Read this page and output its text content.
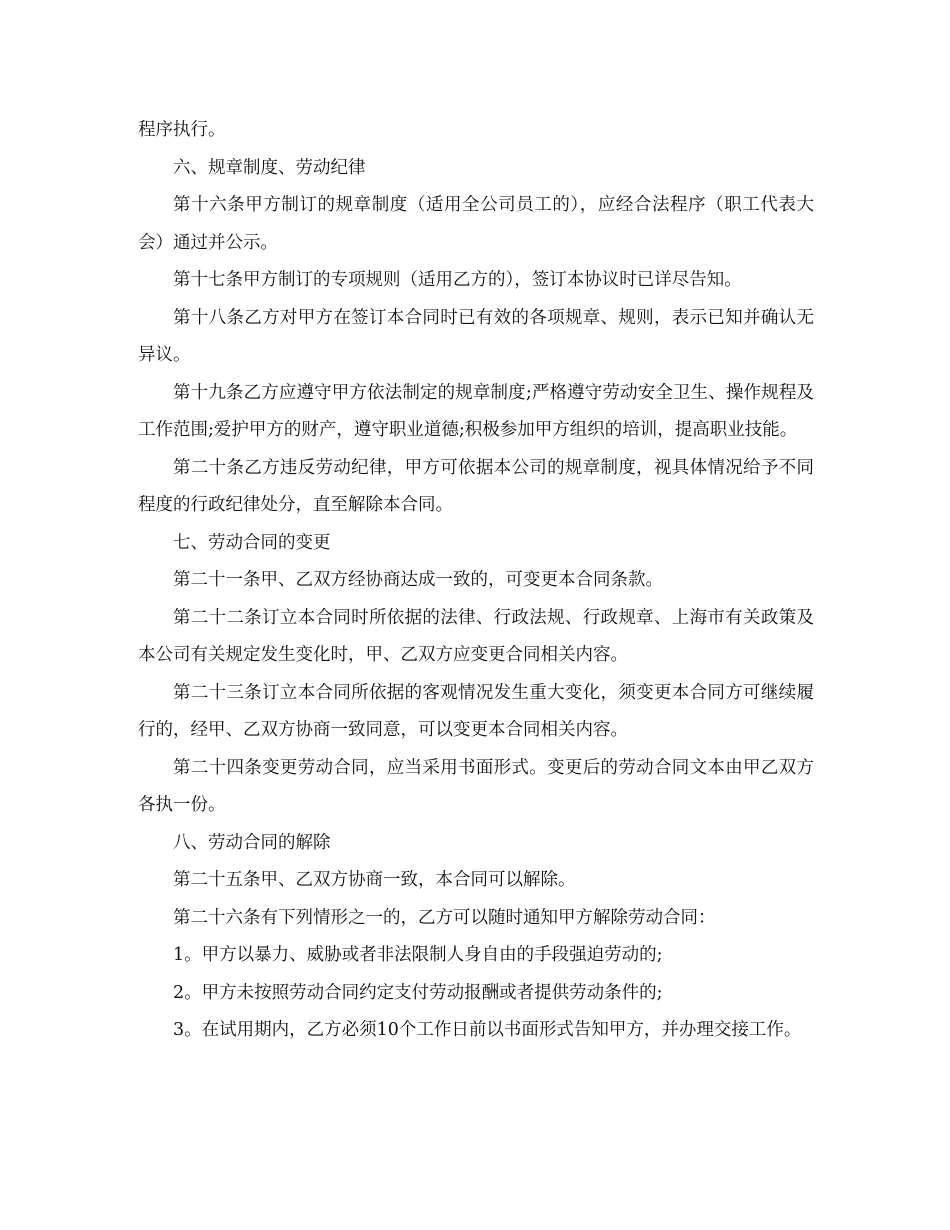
程序执行。

六、规章制度、劳动纪律

第十六条甲方制订的规章制度（适用全公司员工的），应经合法程序（职工代表大会）通过并公示。

第十七条甲方制订的专项规则（适用乙方的），签订本协议时已详尽告知。

第十八条乙方对甲方在签订本合同时已有效的各项规章、规则，表示已知并确认无异议。

第十九条乙方应遵守甲方依法制定的规章制度;严格遵守劳动安全卫生、操作规程及工作范围;爱护甲方的财产，遵守职业道德;积极参加甲方组织的培训，提高职业技能。

第二十条乙方违反劳动纪律，甲方可依据本公司的规章制度，视具体情况给予不同程度的行政纪律处分，直至解除本合同。

七、劳动合同的变更

第二十一条甲、乙双方经协商达成一致的，可变更本合同条款。

第二十二条订立本合同时所依据的法律、行政法规、行政规章、上海市有关政策及本公司有关规定发生变化时，甲、乙双方应变更合同相关内容。

第二十三条订立本合同所依据的客观情况发生重大变化，须变更本合同方可继续履行的，经甲、乙双方协商一致同意，可以变更本合同相关内容。

第二十四条变更劳动合同，应当采用书面形式。变更后的劳动合同文本由甲乙双方各执一份。

八、劳动合同的解除

第二十五条甲、乙双方协商一致，本合同可以解除。

第二十六条有下列情形之一的，乙方可以随时通知甲方解除劳动合同：

1。甲方以暴力、威胁或者非法限制人身自由的手段强迫劳动的;

2。甲方未按照劳动合同约定支付劳动报酬或者提供劳动条件的;

3。在试用期内，乙方必须10个工作日前以书面形式告知甲方，并办理交接工作。
